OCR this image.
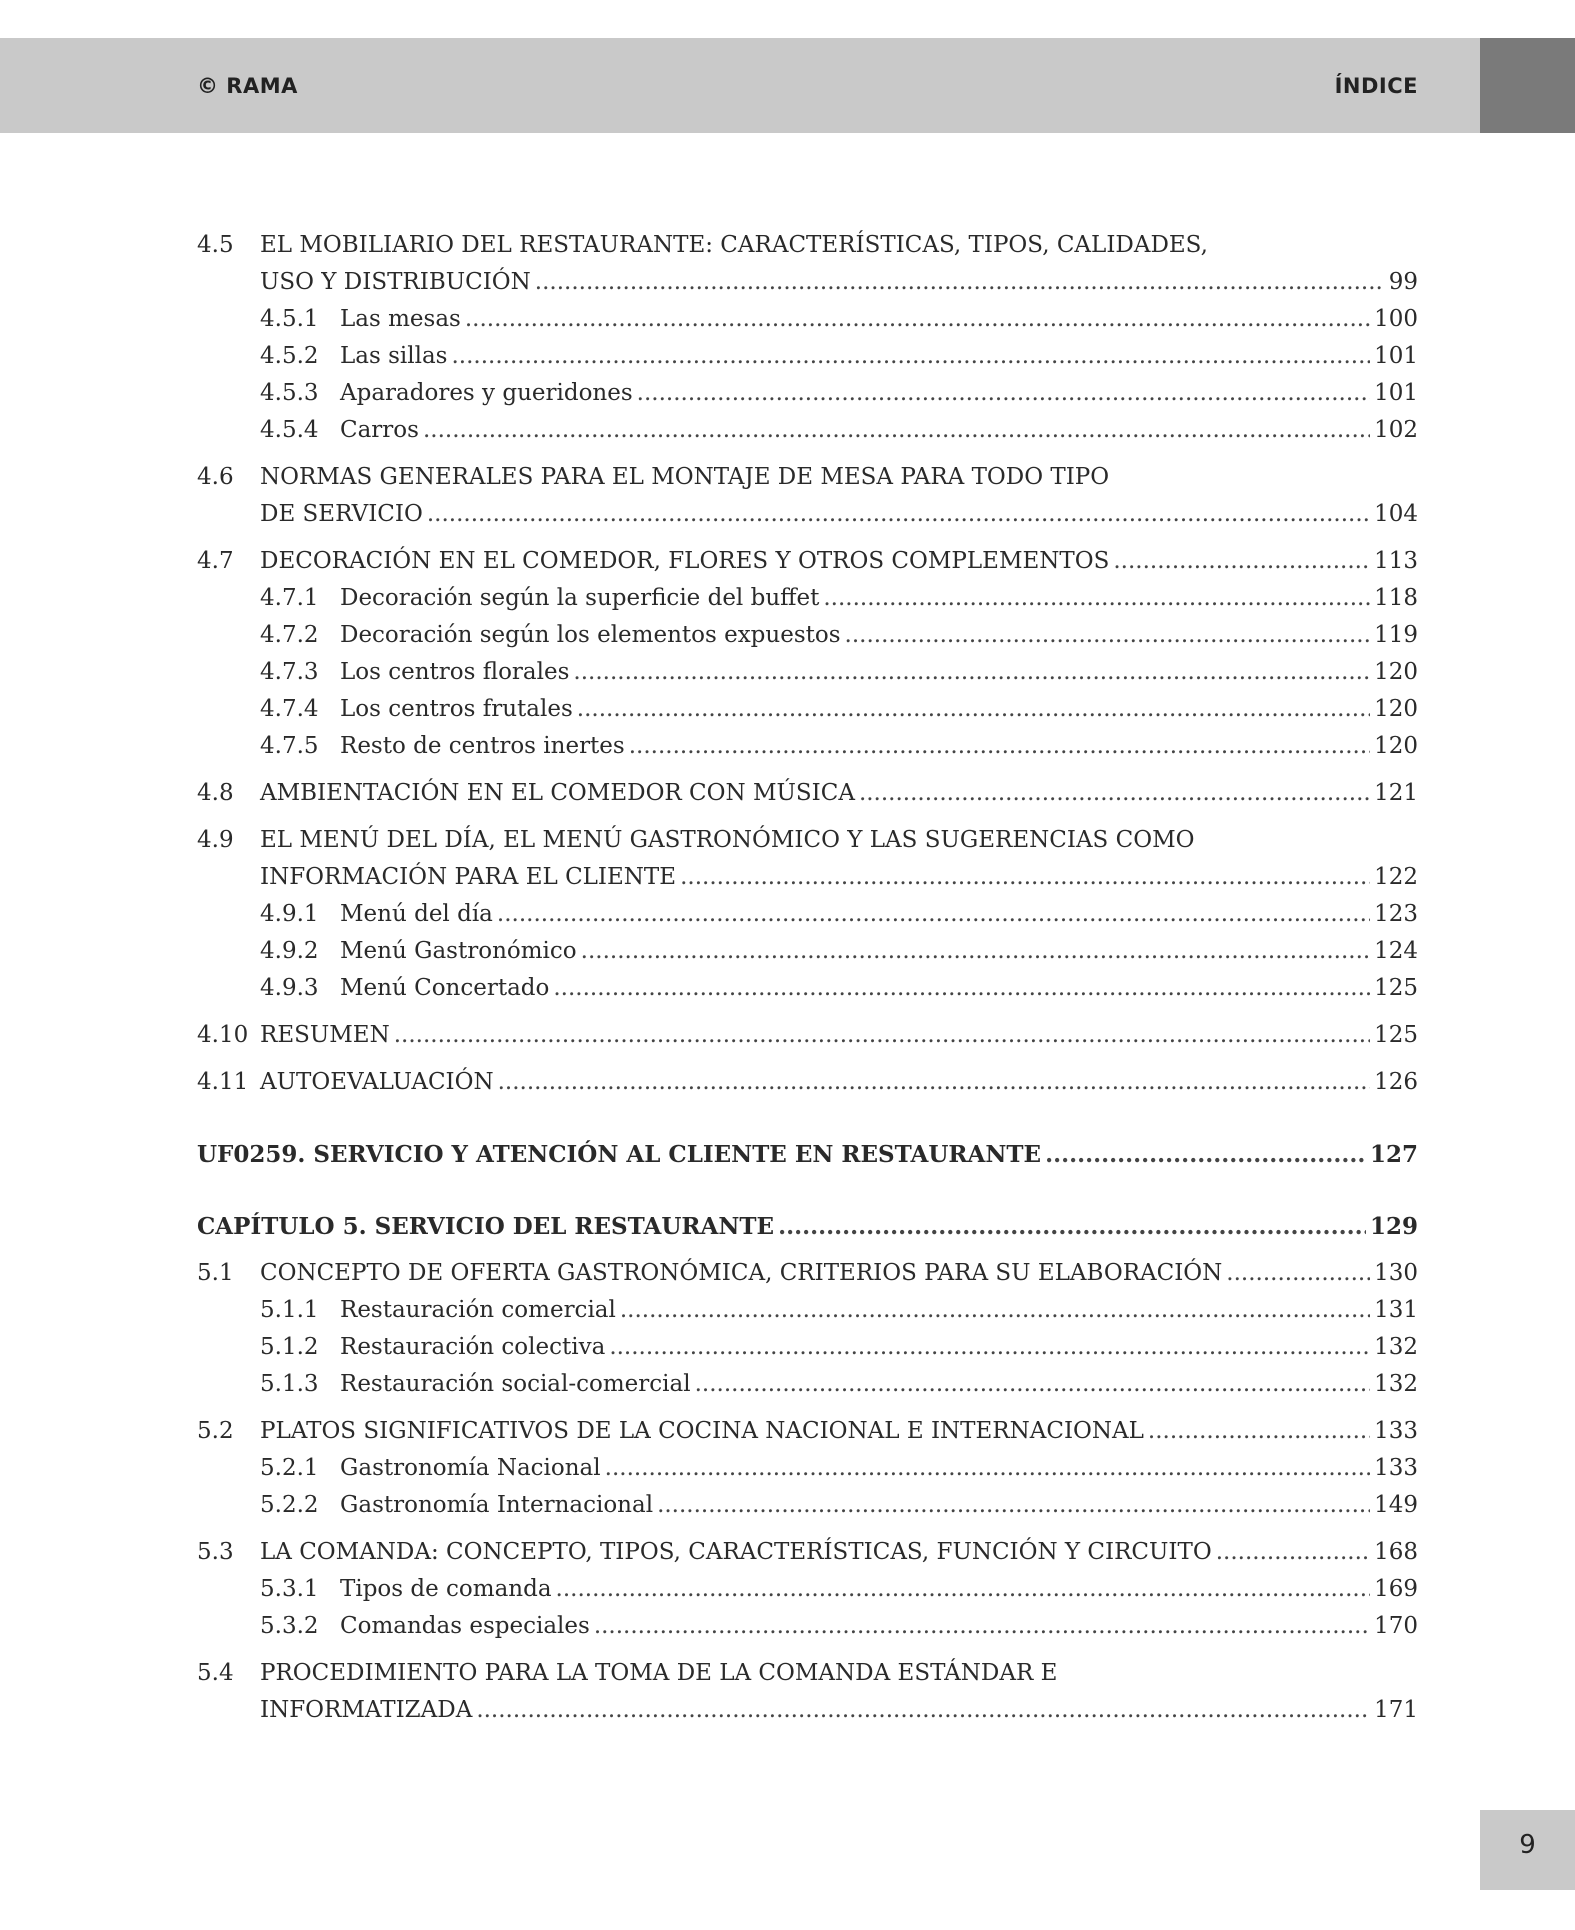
© RAMA	ÍNDICE
4.5	EL MOBILIARIO DEL RESTAURANTE: CARACTERÍSTICAS, TIPOS, CALIDADES,
USO Y DISTRIBUCIÓN .....	99
4.5.1 Las mesas .....	100
4.5.2 Las sillas .....	101
4.5.3 Aparadores y gueridones .....	101
4.5.4 Carros .....	102
4.6	NORMAS GENERALES PARA EL MONTAJE DE MESA PARA TODO TIPO
DE SERVICIO .....	104
4.7	DECORACIÓN EN EL COMEDOR, FLORES Y OTROS COMPLEMENTOS .....	113
4.7.1 Decoración según la superficie del buffet .....	118
4.7.2 Decoración según los elementos expuestos .....	119
4.7.3 Los centros florales .....	120
4.7.4 Los centros frutales .....	120
4.7.5 Resto de centros inertes .....	120
4.8	AMBIENTACIÓN EN EL COMEDOR CON MÚSICA .....	121
4.9	EL MENÚ DEL DÍA, EL MENÚ GASTRONÓMICO Y LAS SUGERENCIAS COMO
INFORMACIÓN PARA EL CLIENTE .....	122
4.9.1 Menú del día .....	123
4.9.2 Menú Gastronómico .....	124
4.9.3 Menú Concertado .....	125
4.10 RESUMEN .....	125
4.11 AUTOEVALUACIÓN .....	126
UF0259. SERVICIO Y ATENCIÓN AL CLIENTE EN RESTAURANTE .....	127
CAPÍTULO 5. SERVICIO DEL RESTAURANTE .....	129
5.1	CONCEPTO DE OFERTA GASTRONÓMICA, CRITERIOS PARA SU ELABORACIÓN .....	130
5.1.1 Restauración comercial .....	131
5.1.2 Restauración colectiva .....	132
5.1.3 Restauración social-comercial .....	132
5.2	PLATOS SIGNIFICATIVOS DE LA COCINA NACIONAL E INTERNACIONAL .....	133
5.2.1 Gastronomía Nacional .....	133
5.2.2 Gastronomía Internacional .....	149
5.3	LA COMANDA: CONCEPTO, TIPOS, CARACTERÍSTICAS, FUNCIÓN Y CIRCUITO .....	168
5.3.1 Tipos de comanda .....	169
5.3.2 Comandas especiales .....	170
5.4	PROCEDIMIENTO PARA LA TOMA DE LA COMANDA ESTÁNDAR E
INFORMATIZADA .....	171
9
